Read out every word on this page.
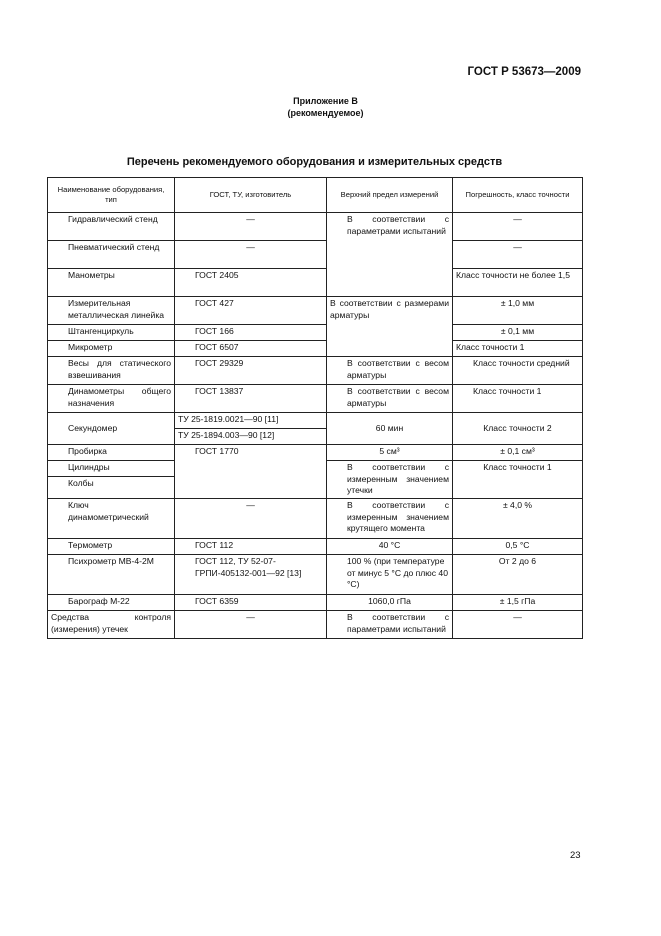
ГОСТ Р 53673—2009
Приложение В
(рекомендуемое)
Перечень рекомендуемого оборудования и измерительных средств
Наименование оборудования, тип	ГОСТ, ТУ, изготовитель	Верхний предел измерений	Погрешность, класс точности
Гидравлический стенд	—	В соответствии с параметрами испытаний	—
Пневматический стенд	—		—
Манометры	ГОСТ 2405		Класс точности не более 1,5
Измерительная металлическая линейка	ГОСТ 427	В соответствии с размерами арматуры	± 1,0 мм
Штангенциркуль	ГОСТ 166		± 0,1 мм
Микрометр	ГОСТ 6507		Класс точности 1
Весы для статического взвешивания	ГОСТ 29329	В соответствии с весом арматуры	Класс точности средний
Динамометры общего назначения	ГОСТ 13837	В соответствии с весом арматуры	Класс точности 1
Секундомер	ТУ 25-1819.0021—90 [11]	60 мин	Класс точности 2
	ТУ 25-1894.003—90 [12]		
Пробирка	ГОСТ 1770	5 см³	± 0,1 см³
Цилиндры		В соответствии с измеренным значением утечки	Класс точности 1
Колбы			
Ключ динамометрический	—	В соответствии с измеренным значением крутящего момента	± 4,0 %
Термометр	ГОСТ 112	40 °С	0,5 °С
Психрометр МВ-4-2М	ГОСТ 112, ТУ 52-07-ГРПИ-405132-001—92 [13]	100 % (при температуре от минус 5 °С до плюс 40 °С)	От 2 до 6
Барограф М-22	ГОСТ 6359	1060,0 гПа	± 1,5 гПа
Средства контроля (измерения) утечек	—	В соответствии с параметрами испытаний	—
23
